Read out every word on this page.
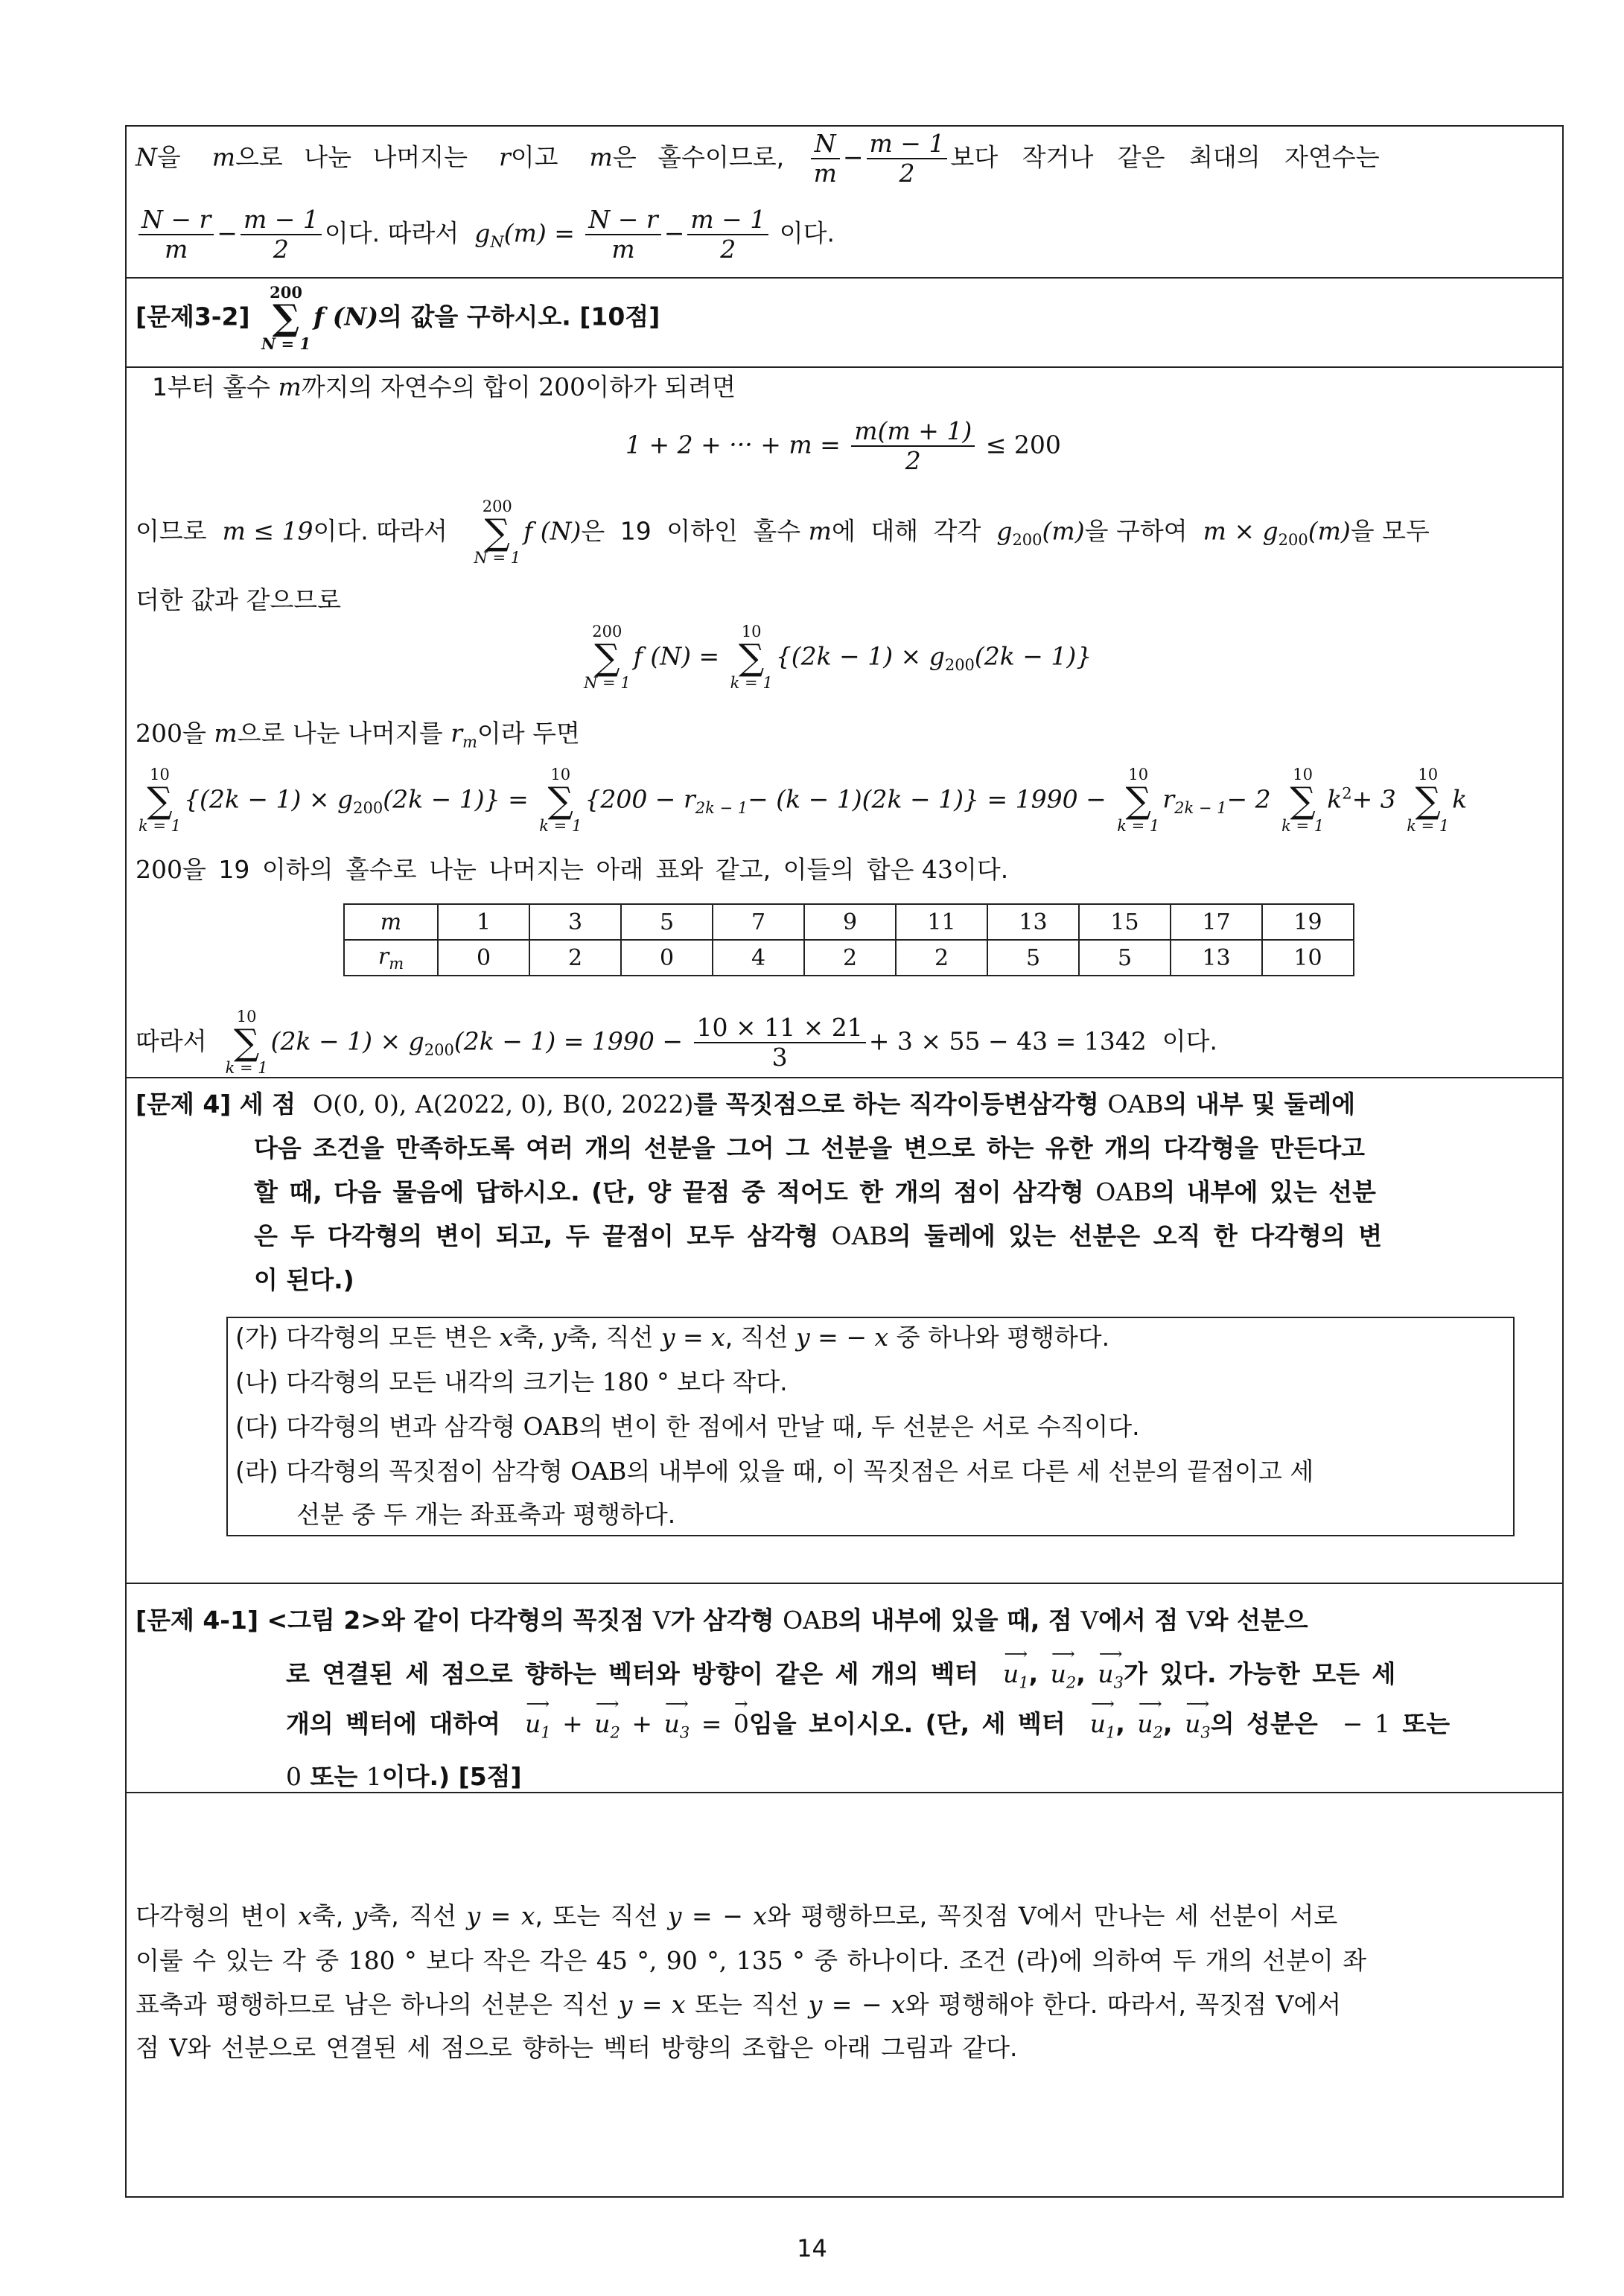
N을 m으로 나눈 나머지는 r이고 m은 홀수이므로, $\frac{N}{m} - \frac{m - 1}{2}$ 보다 작거나 같은 최대의 자연수는
$\frac{N - r}{m} - \frac{m - 1}{2}$ 이다. 따라서 $g_N(m) = \frac{N - r}{m} - \frac{m - 1}{2}$ 이다.
[문제3-2]
200
∑
N = 1
f (N)의 값을 구하시오. [10점]
1부터 홀수 m까지의 자연수의 합이 200이하가 되려면
1 + 2 + ··· + $m = \frac{m(m + 1)}{2} \le 200$
이므로 m ≤ 19이다. 따라서
200
∑
N = 1
f (N)은 19 이하인 홀수 m에 대해 각각 $g_{200}(m)$을 구하여 $m \times g_{200}(m)$을 모두
더한 값과 같으므로
200
∑
N = 1
f (N) =
10
∑
k = 1
$\{(2k - 1) \times g_{200}(2k - 1)\}$
200을 m으로 나눈 나머지를 $r_m$이라 두면
10
∑
k = 1
$\{(2k - 1) \times g_{200}(2k - 1)\}$ =
10
∑
k = 1
$\{200 - r_{2k - 1}- (k - 1)(2k - 1)\} = 1990$ −
10
∑
k = 1
$r_{2k - 1}- 2$
10
∑
k = 1
$k^2+ 3$
10
∑
k = 1
k
200을 19 이하의 홀수로 나눈 나머지는 아래 표와 같고, 이들의 합은 43이다.
m	1	3	5	7	9	11	13	15	17	19
$r_m$	0	2	0	4	2	2	5	5	13	10
따라서
10
∑
k = 1
$(2k - 1) \times g_{200}(2k - 1) = 1990 - \frac{10 \times 11 \times 21}{3} + 3 \times 55 - 43 = 1342$ 이다.
[문제 4] 세 점 O(0, 0), A(2022, 0), B(0, 2022)를 꼭짓점으로 하는 직각이등변삼각형 OAB의 내부 및 둘레에
다음 조건을 만족하도록 여러 개의 선분을 그어 그 선분을 변으로 하는 유한 개의 다각형을 만든다고
할 때, 다음 물음에 답하시오. (단, 양 끝점 중 적어도 한 개의 점이 삼각형 OAB의 내부에 있는 선분
은 두 다각형의 변이 되고, 두 끝점이 모두 삼각형 OAB의 둘레에 있는 선분은 오직 한 다각형의 변
이 된다.)
(가) 다각형의 모든 변은 x축, y축, 직선 y = x, 직선 y = − x 중 하나와 평행하다.
(나) 다각형의 모든 내각의 크기는 180 ° 보다 작다.
(다) 다각형의 변과 삼각형 OAB의 변이 한 점에서 만날 때, 두 선분은 서로 수직이다.
(라) 다각형의 꼭짓점이 삼각형 OAB의 내부에 있을 때, 이 꼭짓점은 서로 다른 세 선분의 끝점이고 세
선분 중 두 개는 좌표축과 평행하다.
[문제 4-1] <그림 2>와 같이 다각형의 꼭짓점 V가 삼각형 OAB의 내부에 있을 때, 점 V에서 점 V와 선분으
로 연결된 세 점으로 향하는 벡터와 방향이 같은 세 개의 벡터
⟶
$u_1$,
⟶
$u_2$,
⟶
$u_3$가 있다. 가능한 모든 세
개의 벡터에 대하여
⟶
$u_1$ +
⟶
$u_2$ +
⟶
$u_3$ =
→
0임을 보이시오. (단, 세 벡터
⟶
$u_1$,
⟶
$u_2$,
⟶
$u_3$의 성분은 − 1 또는
0 또는 1이다.) [5점]
다각형의 변이 x축, y축, 직선 y = x, 또는 직선 y = − x와 평행하므로, 꼭짓점 V에서 만나는 세 선분이 서로
이룰 수 있는 각 중 180 ° 보다 작은 각은 45 °, 90 °, 135 ° 중 하나이다. 조건 (라)에 의하여 두 개의 선분이 좌
표축과 평행하므로 남은 하나의 선분은 직선 y = x 또는 직선 y = − x와 평행해야 한다. 따라서, 꼭짓점 V에서
점 V와 선분으로 연결된 세 점으로 향하는 벡터 방향의 조합은 아래 그림과 같다.
14
